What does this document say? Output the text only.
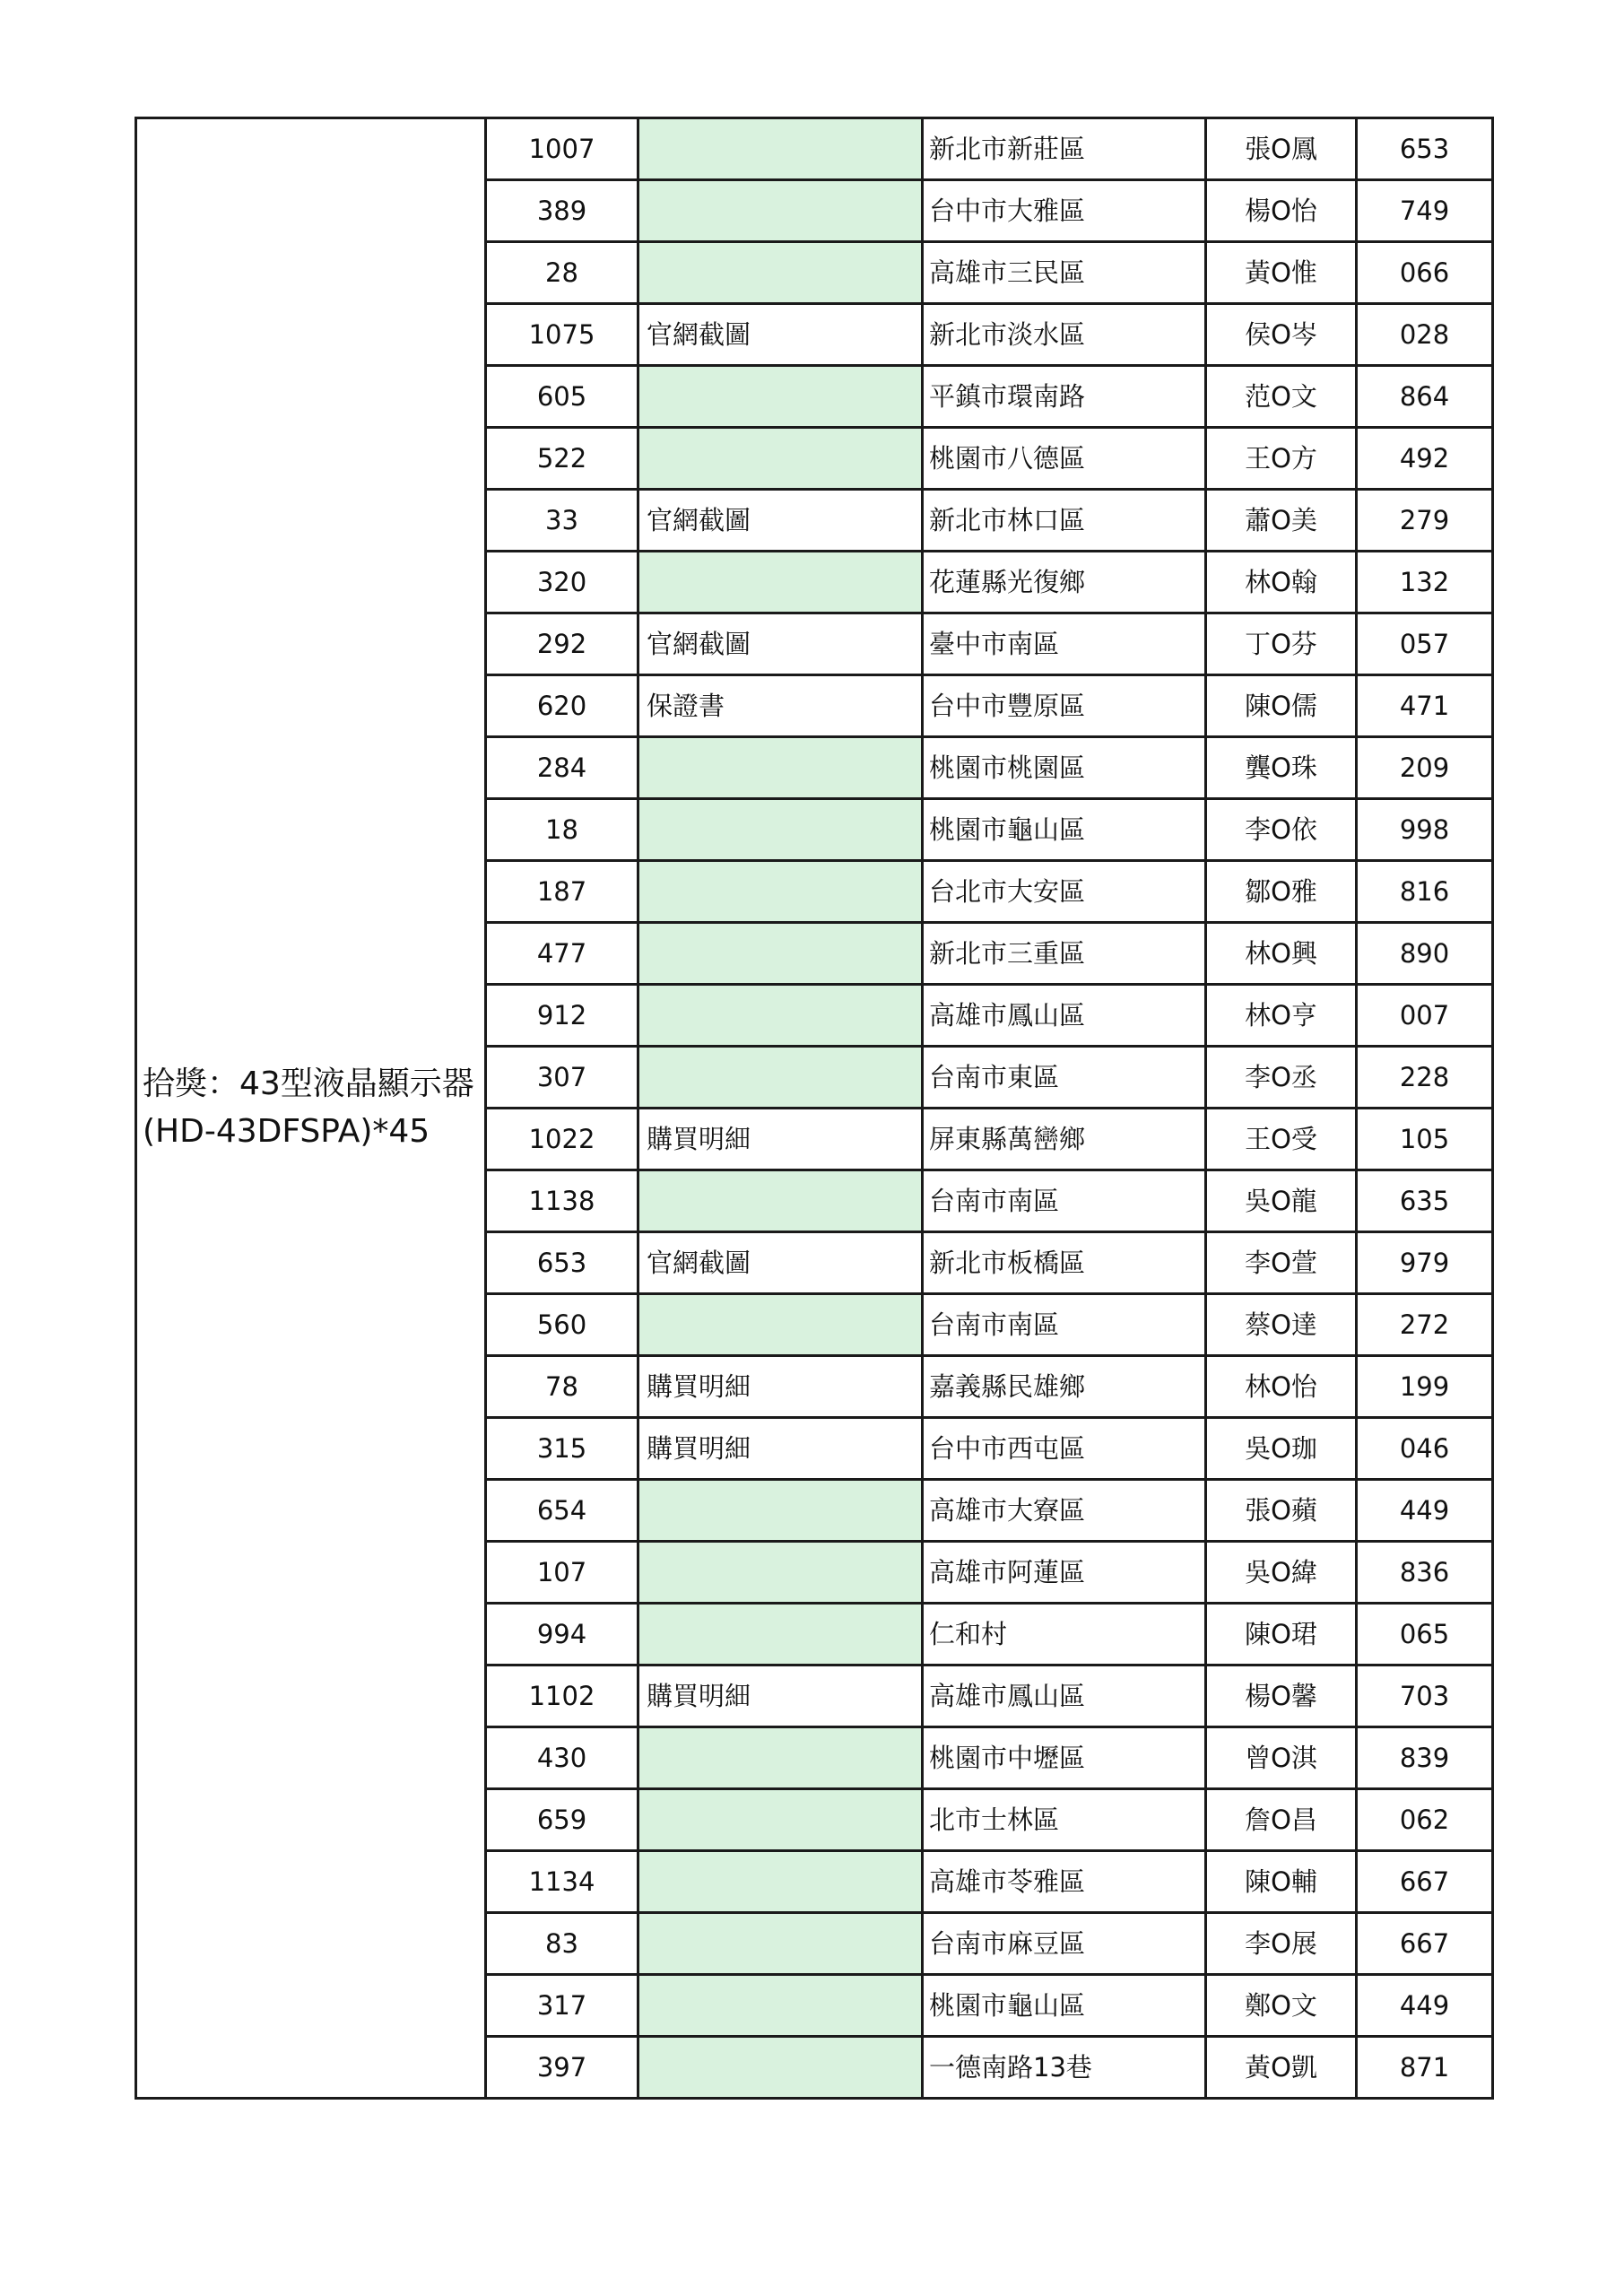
拾獎：43型液晶顯示器(HD-43DFSPA)*45	1007		新北市新莊區	張O鳳	653
	389		台中市大雅區	楊O怡	749
	28		高雄市三民區	黃O惟	066
	1075	官網截圖	新北市淡水區	侯O岑	028
	605		平鎮市環南路	范O文	864
	522		桃園市八德區	王O方	492
	33	官網截圖	新北市林口區	蕭O美	279
	320		花蓮縣光復鄉	林O翰	132
	292	官網截圖	臺中市南區	丁O芬	057
	620	保證書	台中市豐原區	陳O儒	471
	284		桃園市桃園區	龔O珠	209
	18		桃園市龜山區	李O依	998
	187		台北市大安區	鄒O雅	816
	477		新北市三重區	林O興	890
	912		高雄市鳳山區	林O亨	007
	307		台南市東區	李O丞	228
	1022	購買明細	屏東縣萬巒鄉	王O受	105
	1138		台南市南區	吳O龍	635
	653	官網截圖	新北市板橋區	李O萱	979
	560		台南市南區	蔡O達	272
	78	購買明細	嘉義縣民雄鄉	林O怡	199
	315	購買明細	台中市西屯區	吳O珈	046
	654		高雄市大寮區	張O蘋	449
	107		高雄市阿蓮區	吳O緯	836
	994		仁和村	陳O珺	065
	1102	購買明細	高雄市鳳山區	楊O馨	703
	430		桃園市中壢區	曾O淇	839
	659		北市士林區	詹O昌	062
	1134		高雄市苓雅區	陳O輔	667
	83		台南市麻豆區	李O展	667
	317		桃園市龜山區	鄭O文	449
	397		一德南路13巷	黃O凱	871
